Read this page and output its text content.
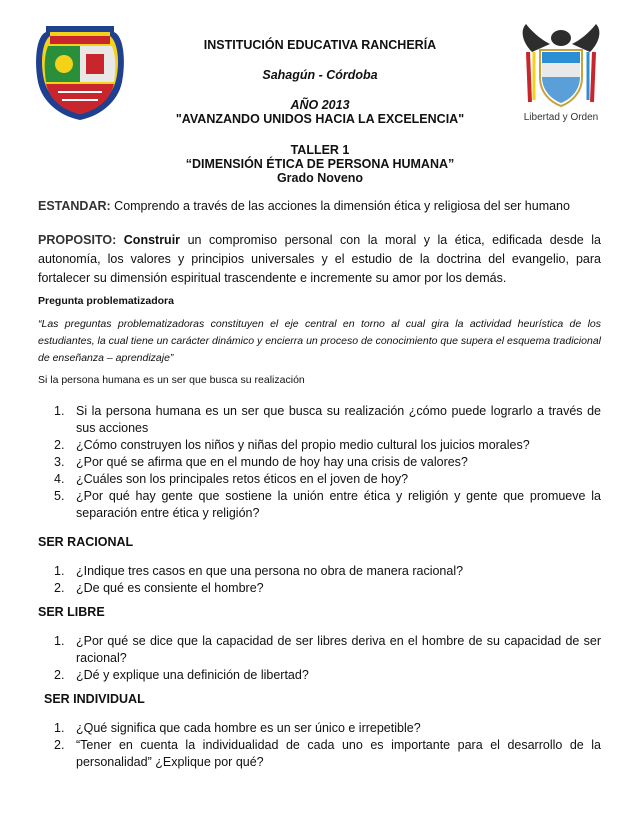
Libertad y Orden
INSTITUCIÓN EDUCATIVA RANCHERÍA
Sahagún - Córdoba
AÑO 2013
"AVANZANDO UNIDOS HACIA LA EXCELENCIA"
TALLER 1
“DIMENSIÓN ÉTICA DE PERSONA HUMANA”
Grado Noveno
ESTANDAR: Comprendo a través de las acciones la dimensión ética y religiosa del ser humano
PROPOSITO: Construir un compromiso personal con la moral y la ética, edificada desde la autonomía, los valores y principios universales y el estudio de la doctrina del evangelio, para fortalecer su dimensión espiritual trascendente e incremente su amor por los demás.
Pregunta problematizadora
“Las preguntas problematizadoras constituyen el eje central en torno al cual gira la actividad heurística de los estudiantes, la cual tiene un carácter dinámico y encierra un proceso de conocimiento que supera el esquema tradicional de enseñanza – aprendizaje”
Si la persona humana es un ser que busca su realización
1. Si la persona humana es un ser que busca su realización ¿cómo puede lograrlo a través de sus acciones
2. ¿Cómo construyen los niños y niñas del propio medio cultural los juicios morales?
3. ¿Por qué se afirma que en el mundo de hoy hay una crisis de valores?
4. ¿Cuáles son los principales retos éticos en el joven de hoy?
5. ¿Por qué hay gente que sostiene la unión entre ética y religión y gente que promueve la separación entre ética y religión?
SER RACIONAL
1. ¿Indique tres casos en que una persona no obra de manera racional?
2. ¿De qué es consiente el hombre?
SER LIBRE
1. ¿Por qué se dice que la capacidad de ser libres deriva en el hombre de su capacidad de ser racional?
2. ¿Dé y explique una definición de libertad?
SER INDIVIDUAL
1. ¿Qué significa que cada hombre es un ser único e irrepetible?
2. “Tener en cuenta la individualidad de cada uno es importante para el desarrollo de la personalidad” ¿Explique por qué?
